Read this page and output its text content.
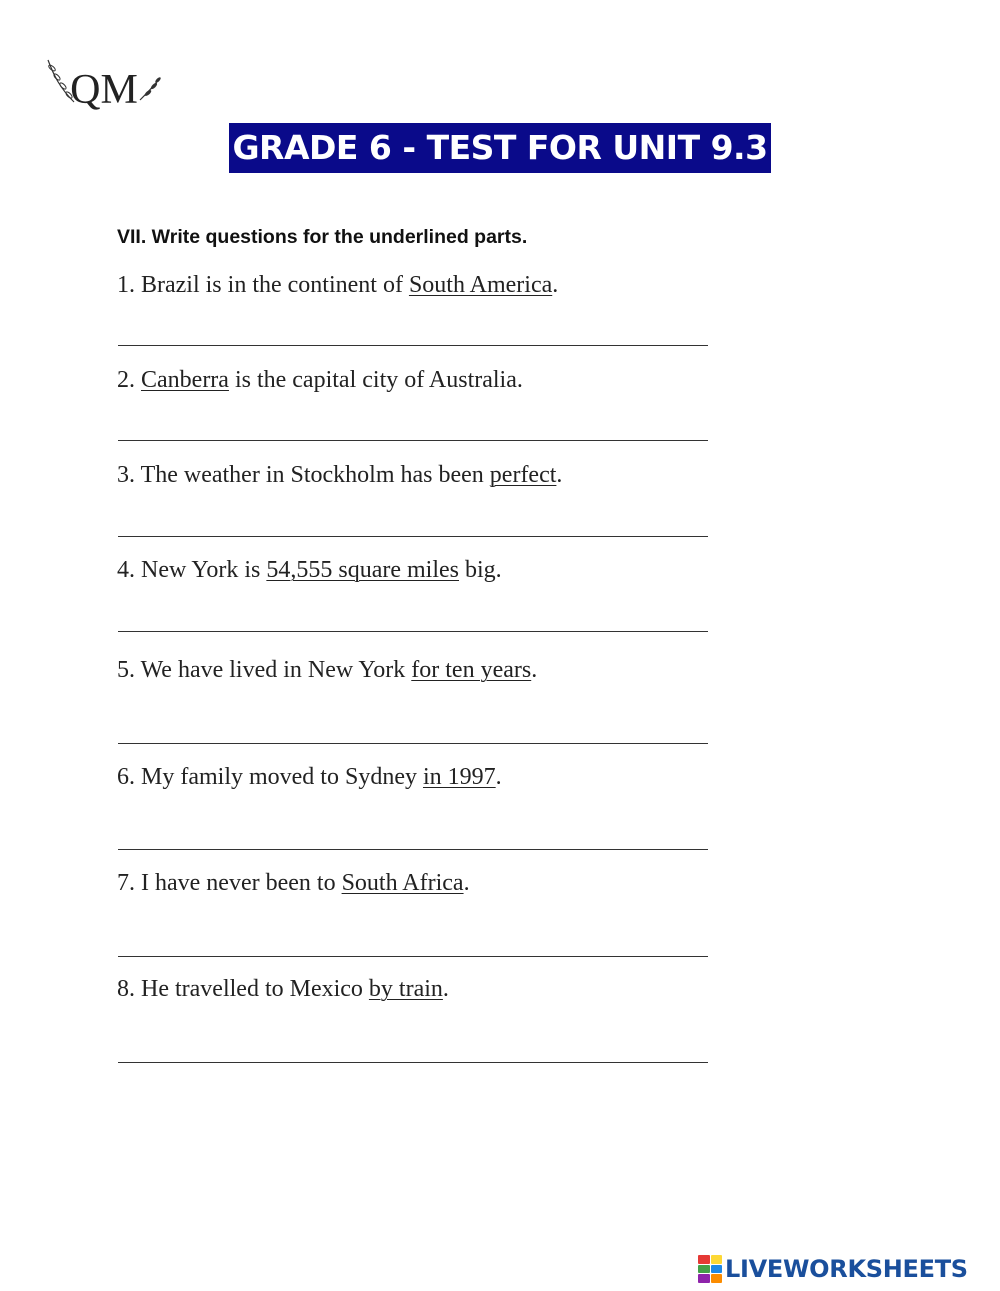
QM
GRADE 6 - TEST FOR UNIT 9.3
VII. Write questions for the underlined parts.
1. Brazil is in the continent of South America.
2. Canberra is the capital city of Australia.
3. The weather in Stockholm has been perfect.
4. New York is 54,555 square miles big.
5. We have lived in New York for ten years.
6. My family moved to Sydney in 1997.
7. I have never been to South Africa.
8. He travelled to Mexico by train.
LIVEWORKSHEETS
